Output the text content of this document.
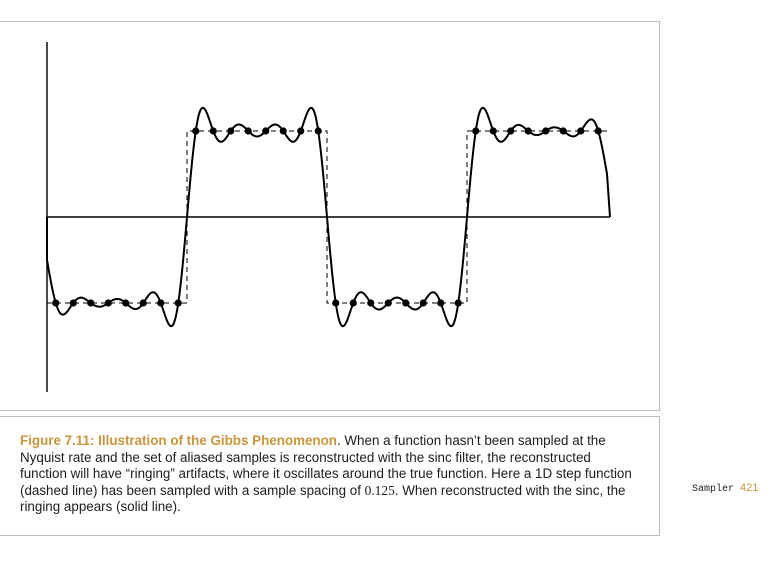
Figure 7.11: Illustration of the Gibbs Phenomenon. When a function hasn’t been sampled at the Nyquist rate and the set of aliased samples is reconstructed with the sinc filter, the reconstructed function will have “ringing” artifacts, where it oscillates around the true function. Here a 1D step function (dashed line) has been sampled with a sample spacing of 0.125. When reconstructed with the sinc, the ringing appears (solid line).
Sampler 421
